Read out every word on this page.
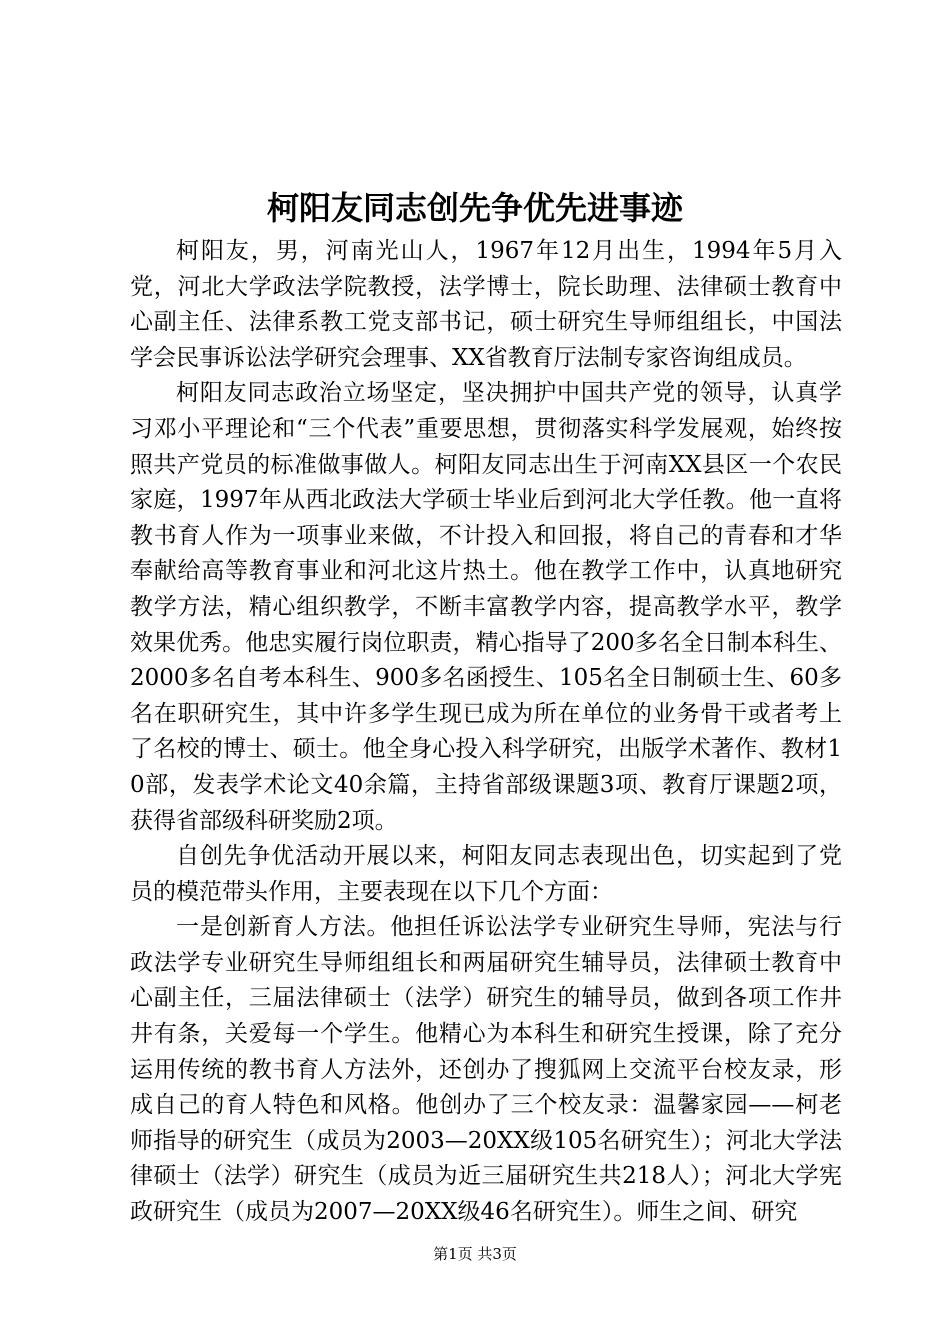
柯阳友同志创先争优先进事迹

柯阳友，男，河南光山人，1967年12月出生，1994年5月入党，河北大学政法学院教授，法学博士，院长助理、法律硕士教育中心副主任、法律系教工党支部书记，硕士研究生导师组组长，中国法学会民事诉讼法学研究会理事、XX省教育厅法制专家咨询组成员。

柯阳友同志政治立场坚定，坚决拥护中国共产党的领导，认真学习邓小平理论和“三个代表”重要思想，贯彻落实科学发展观，始终按照共产党员的标准做事做人。柯阳友同志出生于河南XX县区一个农民家庭，1997年从西北政法大学硕士毕业后到河北大学任教。他一直将教书育人作为一项事业来做，不计投入和回报，将自己的青春和才华奉献给高等教育事业和河北这片热土。他在教学工作中，认真地研究教学方法，精心组织教学，不断丰富教学内容，提高教学水平，教学效果优秀。他忠实履行岗位职责，精心指导了200多名全日制本科生、2000多名自考本科生、900多名函授生、105名全日制硕士生、60多名在职研究生，其中许多学生现已成为所在单位的业务骨干或者考上了名校的博士、硕士。他全身心投入科学研究，出版学术著作、教材10部，发表学术论文40余篇，主持省部级课题3项、教育厅课题2项，获得省部级科研奖励2项。

自创先争优活动开展以来，柯阳友同志表现出色，切实起到了党员的模范带头作用，主要表现在以下几个方面：

一是创新育人方法。他担任诉讼法学专业研究生导师，宪法与行政法学专业研究生导师组组长和两届研究生辅导员，法律硕士教育中心副主任，三届法律硕士（法学）研究生的辅导员，做到各项工作井井有条，关爱每一个学生。他精心为本科生和研究生授课，除了充分运用传统的教书育人方法外，还创办了搜狐网上交流平台校友录，形成自己的育人特色和风格。他创办了三个校友录：温馨家园——柯老师指导的研究生（成员为2003—20XX级105名研究生）；河北大学法律硕士（法学）研究生（成员为近三届研究生共218人）；河北大学宪政研究生（成员为2007—20XX级46名研究生）。师生之间、研究

第1页 共3页
